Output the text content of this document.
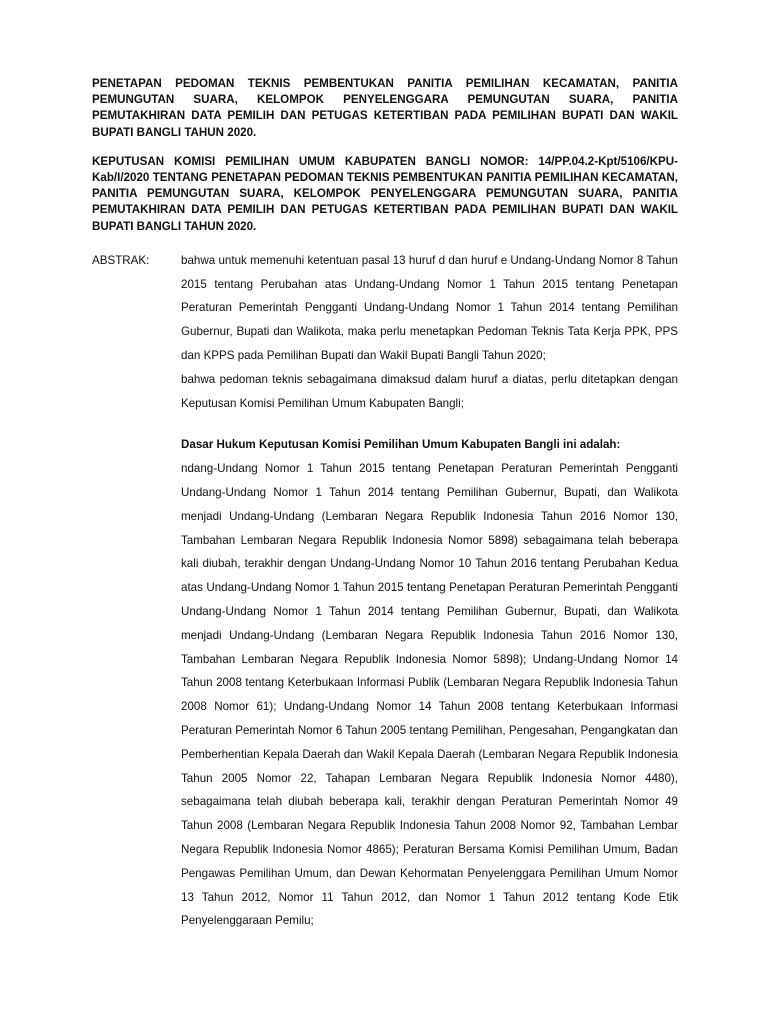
PENETAPAN PEDOMAN TEKNIS PEMBENTUKAN PANITIA PEMILIHAN KECAMATAN, PANITIA PEMUNGUTAN SUARA, KELOMPOK PENYELENGGARA PEMUNGUTAN SUARA, PANITIA PEMUTAKHIRAN DATA PEMILIH DAN PETUGAS KETERTIBAN PADA PEMILIHAN BUPATI DAN WAKIL BUPATI BANGLI TAHUN 2020.

KEPUTUSAN KOMISI PEMILIHAN UMUM KABUPATEN BANGLI NOMOR: 14/PP.04.2-Kpt/5106/KPU-Kab/I/2020 TENTANG PENETAPAN PEDOMAN TEKNIS PEMBENTUKAN PANITIA PEMILIHAN KECAMATAN, PANITIA PEMUNGUTAN SUARA, KELOMPOK PENYELENGGARA PEMUNGUTAN SUARA, PANITIA PEMUTAKHIRAN DATA PEMILIH DAN PETUGAS KETERTIBAN PADA PEMILIHAN BUPATI DAN WAKIL BUPATI BANGLI TAHUN 2020.

ABSTRAK:	bahwa untuk memenuhi ketentuan pasal 13 huruf d dan huruf e Undang-Undang Nomor 8 Tahun 2015 tentang Perubahan atas Undang-Undang Nomor 1 Tahun 2015 tentang Penetapan Peraturan Pemerintah Pengganti Undang-Undang Nomor 1 Tahun 2014 tentang Pemilihan Gubernur, Bupati dan Walikota, maka perlu menetapkan Pedoman Teknis Tata Kerja PPK, PPS dan KPPS pada Pemilihan Bupati dan Wakil Bupati Bangli Tahun 2020;

bahwa pedoman teknis sebagaimana dimaksud dalam huruf a diatas, perlu ditetapkan dengan Keputusan Komisi Pemilihan Umum Kabupaten Bangli;

Dasar Hukum Keputusan Komisi Pemilihan Umum Kabupaten Bangli ini adalah:

ndang-Undang Nomor 1 Tahun 2015 tentang Penetapan Peraturan Pemerintah Pengganti Undang-Undang Nomor 1 Tahun 2014 tentang Pemilihan Gubernur, Bupati, dan Walikota menjadi Undang-Undang (Lembaran Negara Republik Indonesia Tahun 2016 Nomor 130, Tambahan Lembaran Negara Republik Indonesia Nomor 5898) sebagaimana telah beberapa kali diubah, terakhir dengan Undang-Undang Nomor 10 Tahun 2016 tentang Perubahan Kedua atas Undang-Undang Nomor 1 Tahun 2015 tentang Penetapan Peraturan Pemerintah Pengganti Undang-Undang Nomor 1 Tahun 2014 tentang Pemilihan Gubernur, Bupati, dan Walikota menjadi Undang-Undang (Lembaran Negara Republik Indonesia Tahun 2016 Nomor 130, Tambahan Lembaran Negara Republik Indonesia Nomor 5898); Undang-Undang Nomor 14 Tahun 2008 tentang Keterbukaan Informasi Publik (Lembaran Negara Republik Indonesia Tahun 2008 Nomor 61); Undang-Undang Nomor 14 Tahun 2008 tentang Keterbukaan Informasi Peraturan Pemerintah Nomor 6 Tahun 2005 tentang Pemilihan, Pengesahan, Pengangkatan dan Pemberhentian Kepala Daerah dan Wakil Kepala Daerah (Lembaran Negara Republik Indonesia Tahun 2005 Nomor 22, Tahapan Lembaran Negara Republik Indonesia Nomor 4480), sebagaimana telah diubah beberapa kali, terakhir dengan Peraturan Pemerintah Nomor 49 Tahun 2008 (Lembaran Negara Republik Indonesia Tahun 2008 Nomor 92, Tambahan Lembar Negara Republik Indonesia Nomor 4865); Peraturan Bersama Komisi Pemilihan Umum, Badan Pengawas Pemilihan Umum, dan Dewan Kehormatan Penyelenggara Pemilihan Umum Nomor 13 Tahun 2012, Nomor 11 Tahun 2012, dan Nomor 1 Tahun 2012 tentang Kode Etik Penyelenggaraan Pemilu;
